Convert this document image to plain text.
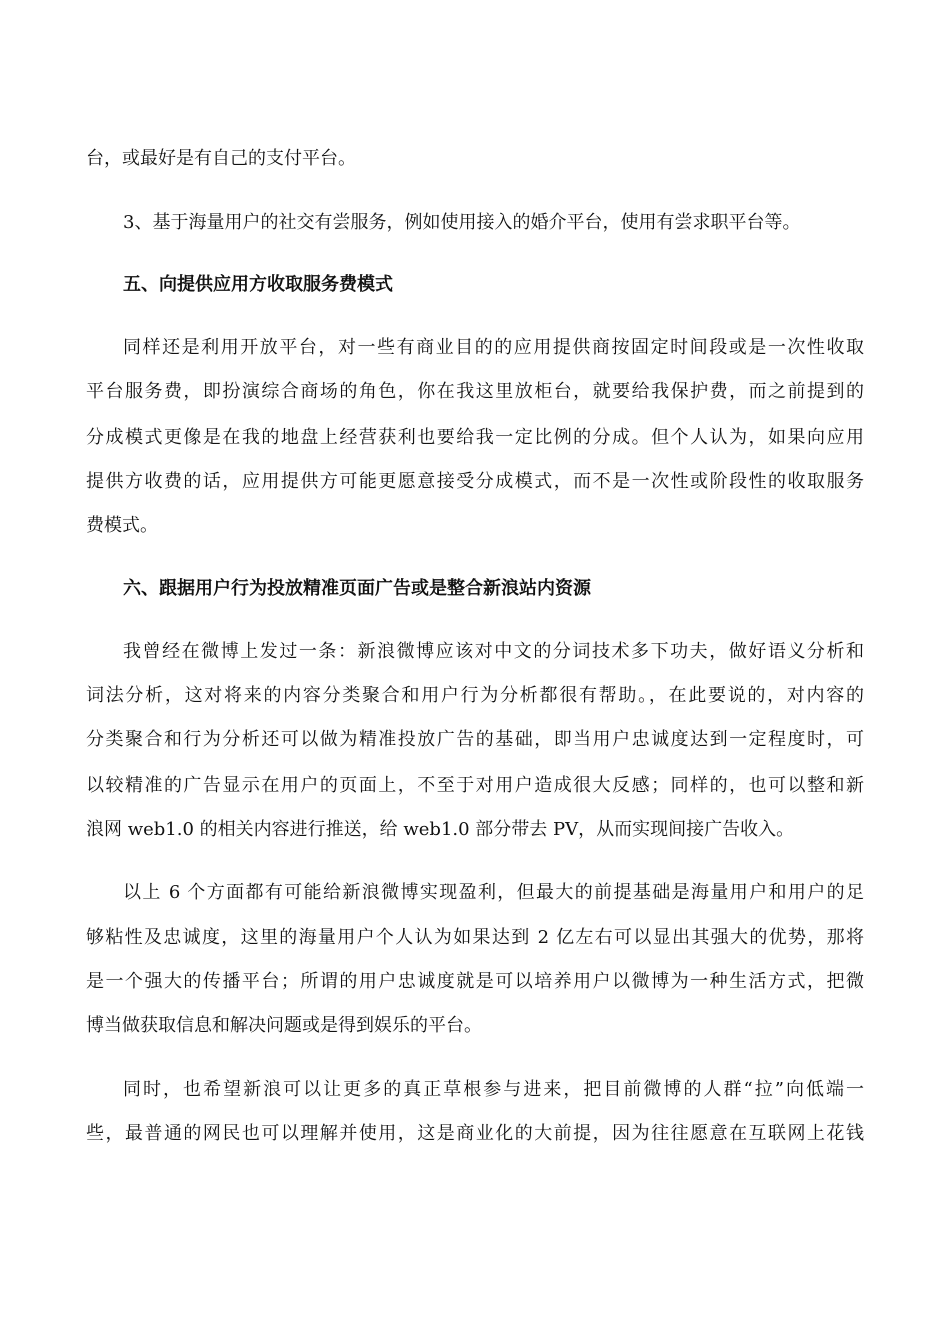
台，或最好是有自己的支付平台。
3、基于海量用户的社交有尝服务，例如使用接入的婚介平台，使用有尝求职平台等。
五、向提供应用方收取服务费模式
同样还是利用开放平台，对一些有商业目的的应用提供商按固定时间段或是一次性收取
平台服务费，即扮演综合商场的角色，你在我这里放柜台，就要给我保护费，而之前提到的
分成模式更像是在我的地盘上经营获利也要给我一定比例的分成。但个人认为，如果向应用
提供方收费的话，应用提供方可能更愿意接受分成模式，而不是一次性或阶段性的收取服务
费模式。
六、跟据用户行为投放精准页面广告或是整合新浪站内资源
我曾经在微博上发过一条：新浪微博应该对中文的分词技术多下功夫，做好语义分析和
词法分析，这对将来的内容分类聚合和用户行为分析都很有帮助。，在此要说的，对内容的
分类聚合和行为分析还可以做为精准投放广告的基础，即当用户忠诚度达到一定程度时，可
以较精准的广告显示在用户的页面上，不至于对用户造成很大反感；同样的，也可以整和新
浪网 web1.0 的相关内容进行推送，给 web1.0 部分带去 PV，从而实现间接广告收入。
以上 6 个方面都有可能给新浪微博实现盈利，但最大的前提基础是海量用户和用户的足
够粘性及忠诚度，这里的海量用户个人认为如果达到 2 亿左右可以显出其强大的优势，那将
是一个强大的传播平台；所谓的用户忠诚度就是可以培养用户以微博为一种生活方式，把微
博当做获取信息和解决问题或是得到娱乐的平台。
同时，也希望新浪可以让更多的真正草根参与进来，把目前微博的人群“拉”向低端一
些，最普通的网民也可以理解并使用，这是商业化的大前提，因为往往愿意在互联网上花钱
